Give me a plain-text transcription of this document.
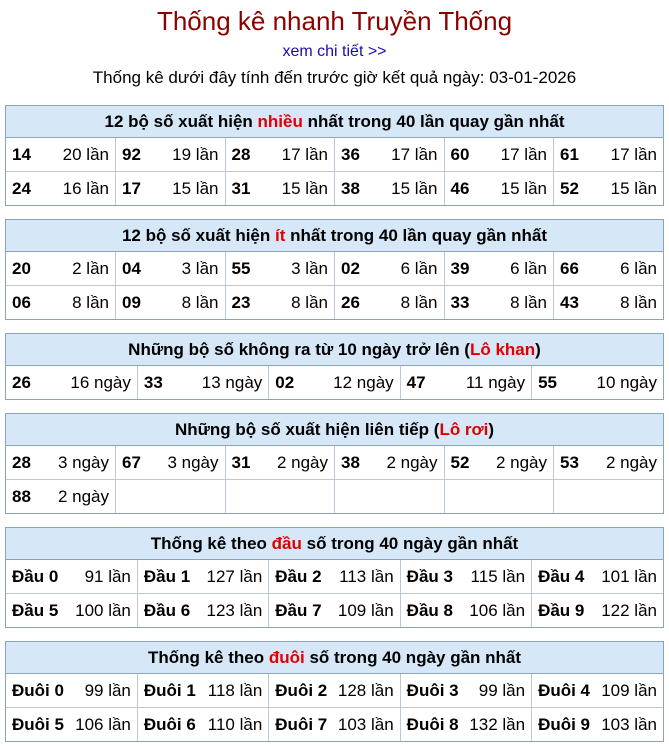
Thống kê nhanh Truyền Thống
xem chi tiết >>
Thống kê dưới đây tính đến trước giờ kết quả ngày: 03-01-2026
12 bộ số xuất hiện nhiều nhất trong 40 lần quay gần nhất
14 20 lần	92 19 lần	28 17 lần	36 17 lần	60 17 lần	61 17 lần

24 16 lần	17 15 lần	31 15 lần	38 15 lần	46 15 lần	52 15 lần
12 bộ số xuất hiện ít nhất trong 40 lần quay gần nhất
20 2 lần	04 3 lần	55 3 lần	02 6 lần	39 6 lần	66 6 lần

06 8 lần	09 8 lần	23 8 lần	26 8 lần	33 8 lần	43 8 lần
Những bộ số không ra từ 10 ngày trở lên (Lô khan)
26 16 ngày	33 13 ngày	02 12 ngày	47 11 ngày	55 10 ngày
Những bộ số xuất hiện liên tiếp (Lô rơi)
28 3 ngày	67 3 ngày	31 2 ngày	38 2 ngày	52 2 ngày	53 2 ngày

88 2 ngày					

Thống kê theo đầu số trong 40 ngày gần nhất
Đầu 0 91 lần	Đầu 1 127 lần	Đầu 2 113 lần	Đầu 3 115 lần	Đầu 4 101 lần

Đầu 5 100 lần	Đầu 6 123 lần	Đầu 7 109 lần	Đầu 8 106 lần	Đầu 9 122 lần
Thống kê theo đuôi số trong 40 ngày gần nhất
Đuôi 0 99 lần	Đuôi 1 118 lần	Đuôi 2 128 lần	Đuôi 3 99 lần	Đuôi 4 109 lần

Đuôi 5 106 lần	Đuôi 6 110 lần	Đuôi 7 103 lần	Đuôi 8 132 lần	Đuôi 9 103 lần
